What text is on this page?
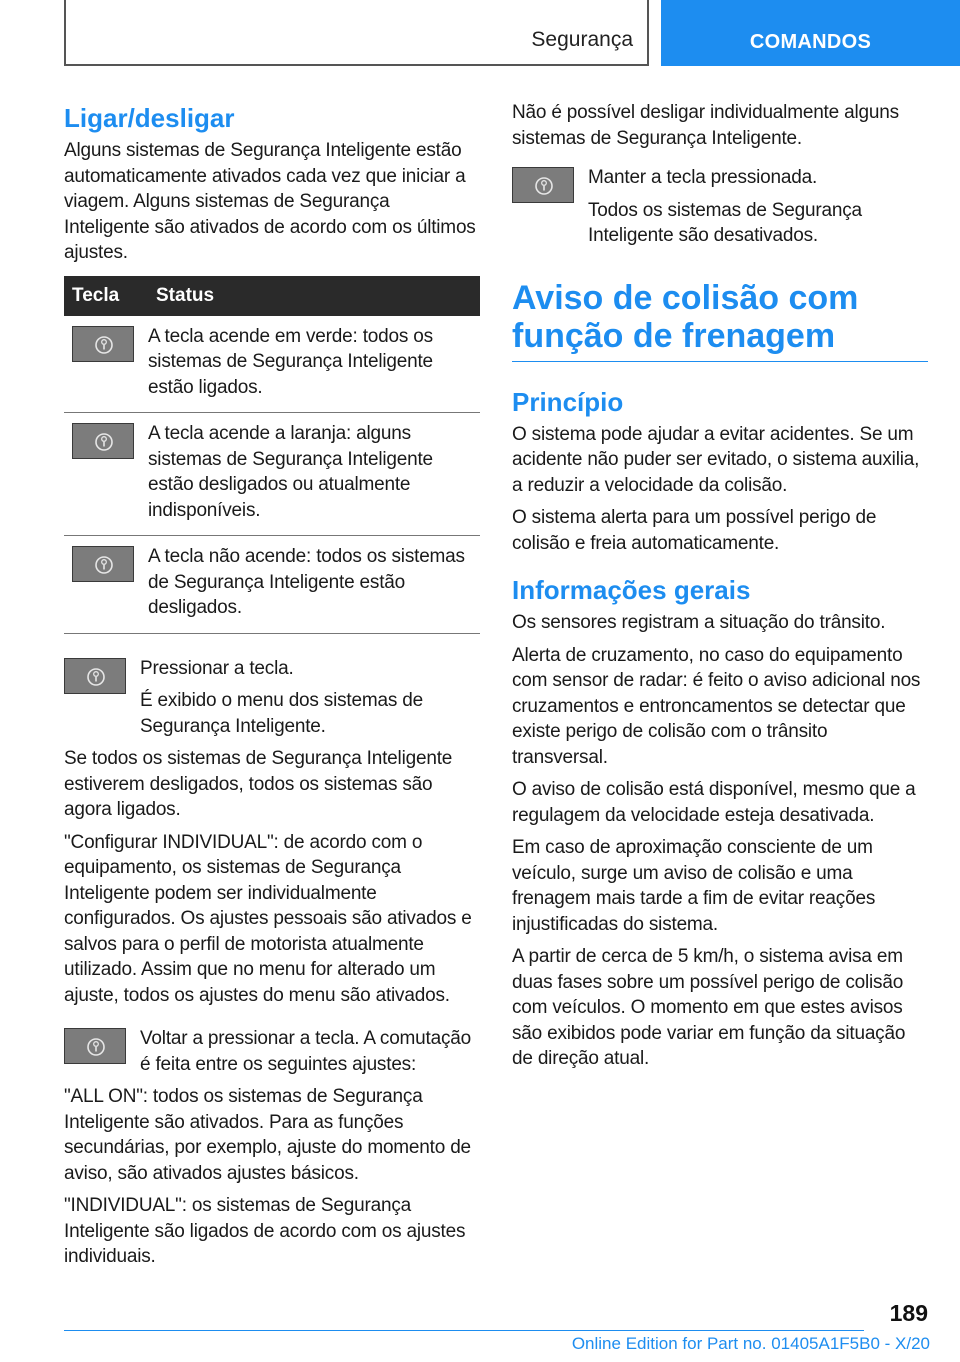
Segurança	COMANDOS
Ligar/desligar

Alguns sistemas de Segurança Inteligente estão automaticamente ativados cada vez que iniciar a viagem. Alguns sistemas de Segurança Inteligente são ativados de acordo com os últimos ajustes.

Tecla	Status

	A tecla acende em verde: todos os sistemas de Segurança Inteligente estão ligados.

	A tecla acende a laranja: alguns sistemas de Segurança Inteligente estão desligados ou atualmente indisponíveis.

	A tecla não acende: todos os sistemas de Segurança Inteligente estão desligados.

Pressionar a tecla.

É exibido o menu dos sistemas de Segurança Inteligente.

Se todos os sistemas de Segurança Inteligente estiverem desligados, todos os sistemas são agora ligados.

"Configurar INDIVIDUAL": de acordo com o equipamento, os sistemas de Segurança Inteligente podem ser individualmente configurados. Os ajustes pessoais são ativados e salvos para o perfil de motorista atualmente utilizado. Assim que no menu for alterado um ajuste, todos os ajustes do menu são ativados.

Voltar a pressionar a tecla. A comutação é feita entre os seguintes ajustes:

"ALL ON": todos os sistemas de Segurança Inteligente são ativados. Para as funções secundárias, por exemplo, ajuste do momento de aviso, são ativados ajustes básicos.

"INDIVIDUAL": os sistemas de Segurança Inteligente são ligados de acordo com os ajustes individuais.

Não é possível desligar individualmente alguns sistemas de Segurança Inteligente.

Manter a tecla pressionada.

Todos os sistemas de Segurança Inteligente são desativados.

Aviso de colisão com função de frenagem
Princípio

O sistema pode ajudar a evitar acidentes. Se um acidente não puder ser evitado, o sistema auxilia, a reduzir a velocidade da colisão.

O sistema alerta para um possível perigo de colisão e freia automaticamente.

Informações gerais

Os sensores registram a situação do trânsito.

Alerta de cruzamento, no caso do equipamento com sensor de radar: é feito o aviso adicional nos cruzamentos e entroncamentos se detectar que existe perigo de colisão com o trânsito transversal.

O aviso de colisão está disponível, mesmo que a regulagem da velocidade esteja desativada.

Em caso de aproximação consciente de um veículo, surge um aviso de colisão e uma frenagem mais tarde a fim de evitar reações injustificadas do sistema.

A partir de cerca de 5 km/h, o sistema avisa em duas fases sobre um possível perigo de colisão com veículos. O momento em que estes avisos são exibidos pode variar em função da situação de direção atual.

189
Online Edition for Part no. 01405A1F5B0 - X/20
